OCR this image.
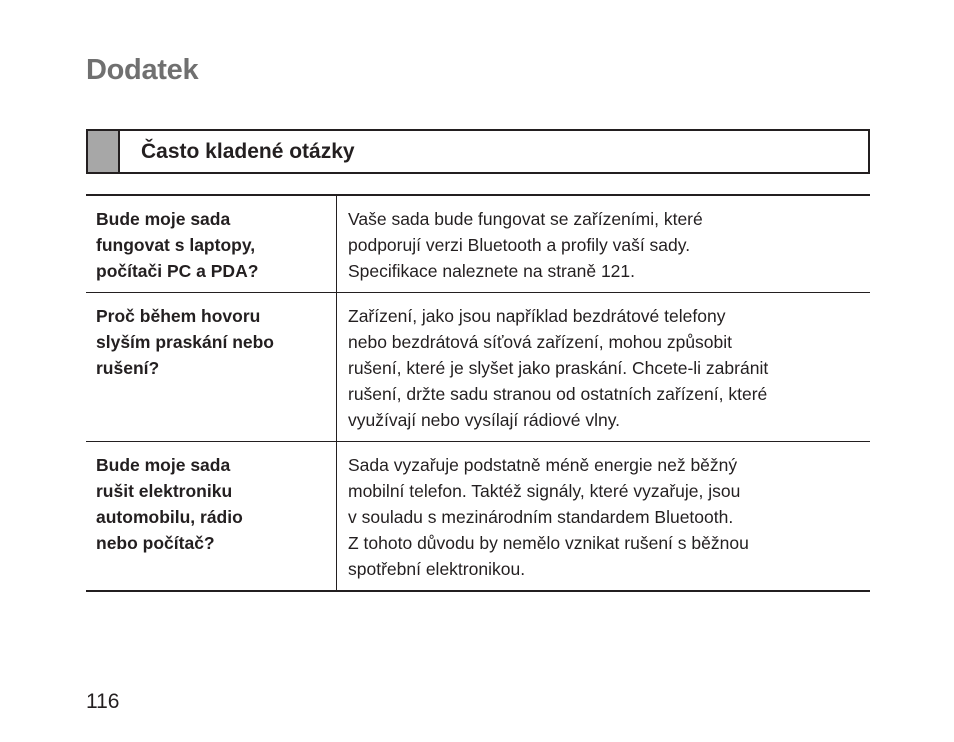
Dodatek
Často kladené otázky
Bude moje sada
fungovat s laptopy,
počítači PC a PDA?
Vaše sada bude fungovat se zařízeními, které
podporují verzi Bluetooth a profily vaší sady.
Specifikace naleznete na straně 121.
Proč během hovoru
slyším praskání nebo
rušení?
Zařízení, jako jsou například bezdrátové telefony
nebo bezdrátová síťová zařízení, mohou způsobit
rušení, které je slyšet jako praskání. Chcete-li zabránit
rušení, držte sadu stranou od ostatních zařízení, které
využívají nebo vysílají rádiové vlny.
Bude moje sada
rušit elektroniku
automobilu, rádio
nebo počítač?
Sada vyzařuje podstatně méně energie než běžný
mobilní telefon. Taktéž signály, které vyzařuje, jsou
v souladu s mezinárodním standardem Bluetooth.
Z tohoto důvodu by nemělo vznikat rušení s běžnou
spotřební elektronikou.
116
